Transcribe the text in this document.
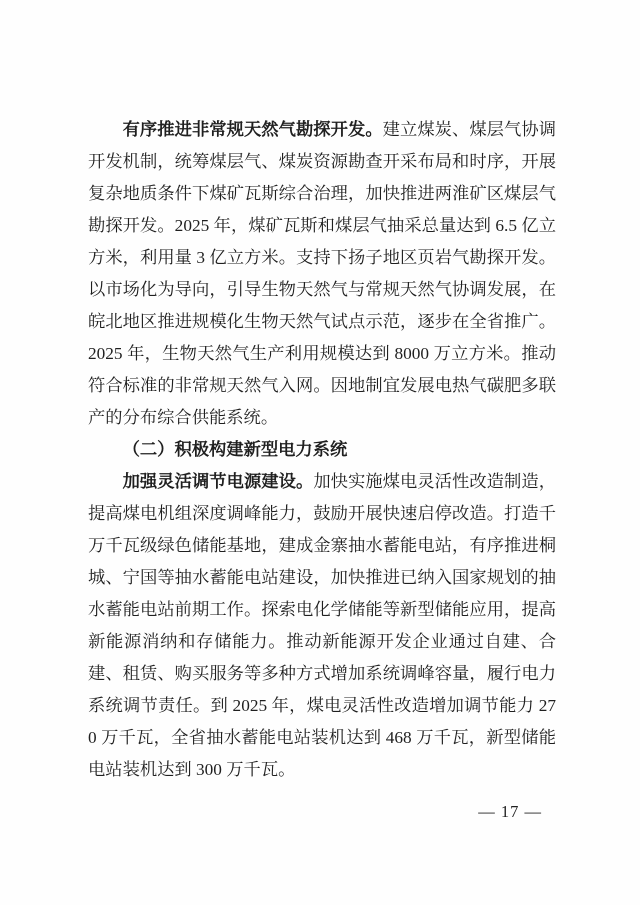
有序推进非常规天然气勘探开发。建立煤炭、煤层气协调开发机制，统筹煤层气、煤炭资源勘查开采布局和时序，开展复杂地质条件下煤矿瓦斯综合治理，加快推进两淮矿区煤层气勘探开发。2025 年，煤矿瓦斯和煤层气抽采总量达到 6.5 亿立方米，利用量 3 亿立方米。支持下扬子地区页岩气勘探开发。以市场化为导向，引导生物天然气与常规天然气协调发展，在皖北地区推进规模化生物天然气试点示范，逐步在全省推广。2025 年，生物天然气生产利用规模达到 8000 万立方米。推动符合标准的非常规天然气入网。因地制宜发展电热气碳肥多联产的分布综合供能系统。

（二）积极构建新型电力系统

加强灵活调节电源建设。加快实施煤电灵活性改造制造，提高煤电机组深度调峰能力，鼓励开展快速启停改造。打造千万千瓦级绿色储能基地，建成金寨抽水蓄能电站，有序推进桐城、宁国等抽水蓄能电站建设，加快推进已纳入国家规划的抽水蓄能电站前期工作。探索电化学储能等新型储能应用，提高新能源消纳和存储能力。推动新能源开发企业通过自建、合建、租赁、购买服务等多种方式增加系统调峰容量，履行电力系统调节责任。到 2025 年，煤电灵活性改造增加调节能力 270 万千瓦，全省抽水蓄能电站装机达到 468 万千瓦，新型储能电站装机达到 300 万千瓦。

— 17 —
